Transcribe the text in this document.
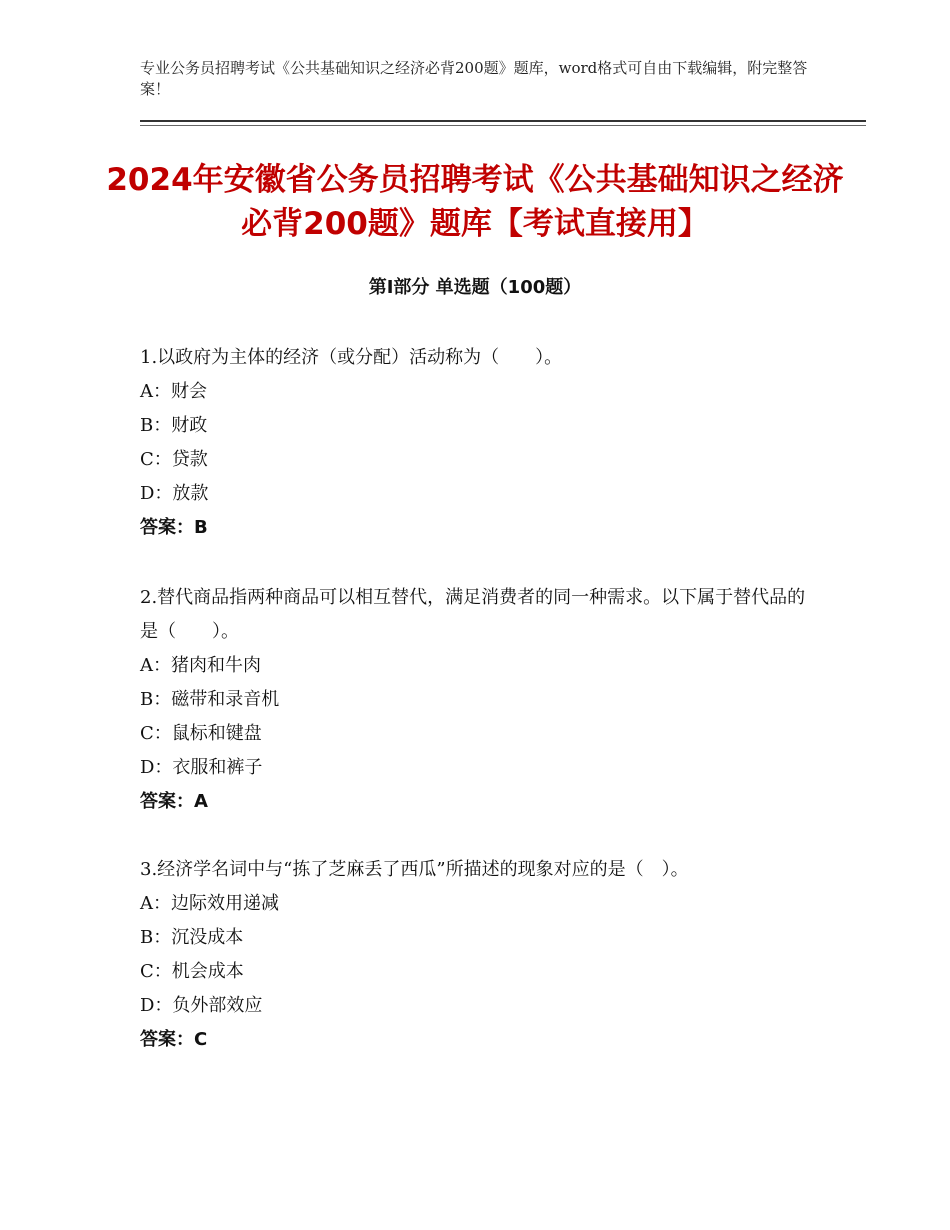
专业公务员招聘考试《公共基础知识之经济必背200题》题库，word格式可自由下载编辑，附完整答案！
2024年安徽省公务员招聘考试《公共基础知识之经济必背200题》题库【考试直接用】
第Ⅰ部分 单选题（100题）
1.以政府为主体的经济（或分配）活动称为（　　）。
A：财会
B：财政
C：贷款
D：放款
答案：B
2.替代商品指两种商品可以相互替代，满足消费者的同一种需求。以下属于替代品的是（　　）。
A：猪肉和牛肉
B：磁带和录音机
C：鼠标和键盘
D：衣服和裤子
答案：A
3.经济学名词中与“拣了芝麻丢了西瓜”所描述的现象对应的是（　）。
A：边际效用递减
B：沉没成本
C：机会成本
D：负外部效应
答案：C
